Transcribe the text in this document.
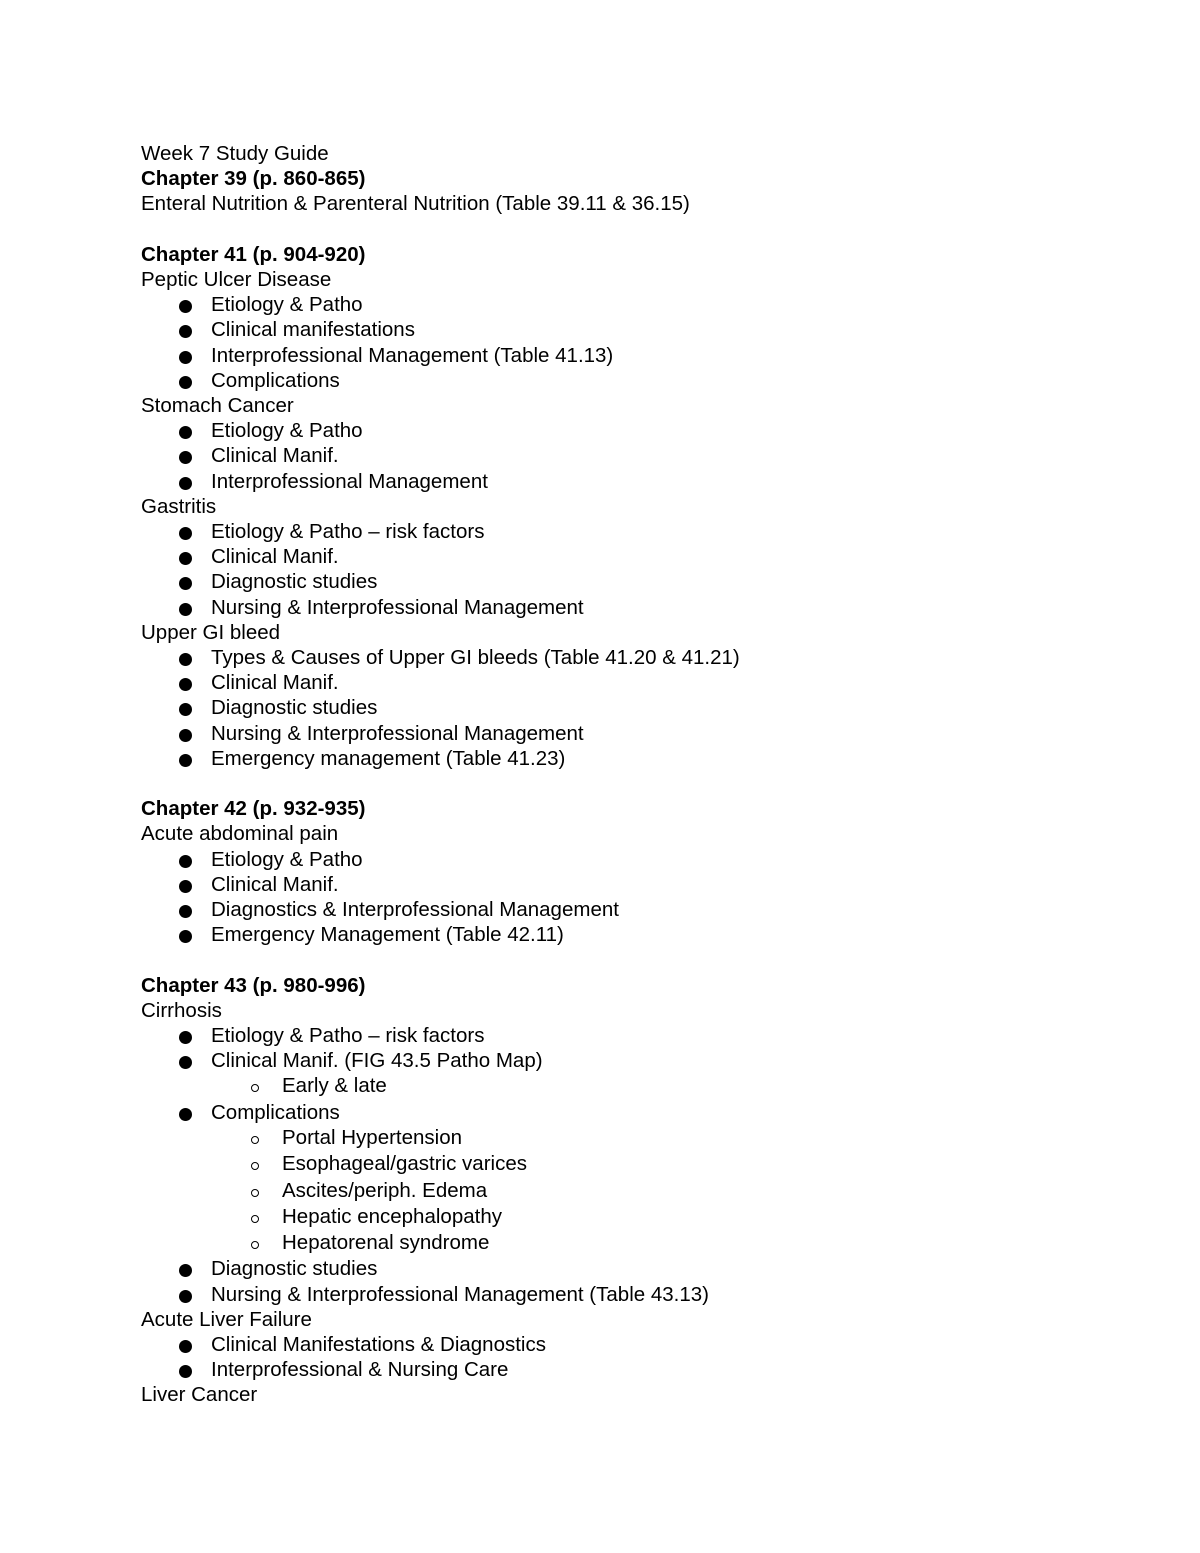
Week 7 Study Guide
Chapter 39 (p. 860-865)
Enteral Nutrition & Parenteral Nutrition (Table 39.11 & 36.15)
Chapter 41 (p. 904-920)
Peptic Ulcer Disease
Etiology & Patho
Clinical manifestations
Interprofessional Management (Table 41.13)
Complications
Stomach Cancer
Etiology & Patho
Clinical Manif.
Interprofessional Management
Gastritis
Etiology & Patho – risk factors
Clinical Manif.
Diagnostic studies
Nursing & Interprofessional Management
Upper GI bleed
Types & Causes of Upper GI bleeds (Table 41.20 & 41.21)
Clinical Manif.
Diagnostic studies
Nursing & Interprofessional Management
Emergency management (Table 41.23)
Chapter 42 (p. 932-935)
Acute abdominal pain
Etiology & Patho
Clinical Manif.
Diagnostics & Interprofessional Management
Emergency Management (Table 42.11)
Chapter 43 (p. 980-996)
Cirrhosis
Etiology & Patho – risk factors
Clinical Manif. (FIG 43.5 Patho Map)
Early & late
Complications
Portal Hypertension
Esophageal/gastric varices
Ascites/periph. Edema
Hepatic encephalopathy
Hepatorenal syndrome
Diagnostic studies
Nursing & Interprofessional Management (Table 43.13)
Acute Liver Failure
Clinical Manifestations & Diagnostics
Interprofessional & Nursing Care
Liver Cancer
